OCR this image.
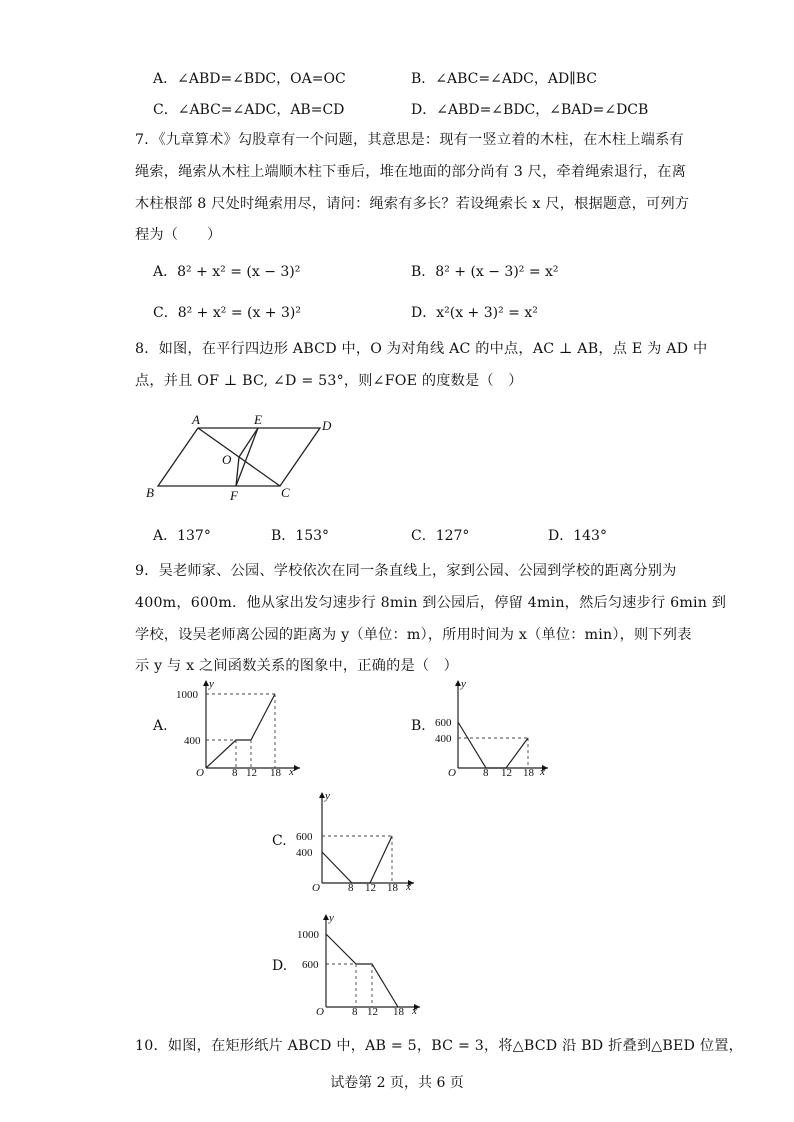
A．∠ABD=∠BDC，OA=OC	B．∠ABC=∠ADC，AD∥BC
C．∠ABC=∠ADC，AB=CD	D．∠ABD=∠BDC，∠BAD=∠DCB
7．《九章算术》勾股章有一个问题，其意思是：现有一竖立着的木柱，在木柱上端系有
绳索，绳索从木柱上端顺木柱下垂后，堆在地面的部分尚有 3 尺，牵着绳索退行，在离
木柱根部 8 尺处时绳索用尽，请问：绳索有多长？若设绳索长 x 尺，根据题意，可列方
程为（　　）
A．8² + x² = (x − 3)²	B．8² + (x − 3)² = x²
C．8² + x² = (x + 3)²	D．x²(x + 3)² = x²
8．如图，在平行四边形 ABCD 中，O 为对角线 AC 的中点，AC ⊥ AB，点 E 为 AD 中
点，并且 OF ⊥ BC, ∠D = 53°，则∠FOE 的度数是（　）
A	E	D
O
B	F	C
A．137°	B．153°	C．127°	D．143°
9．吴老师家、公园、学校依次在同一条直线上，家到公园、公园到学校的距离分别为
400m，600m．他从家出发匀速步行 8min 到公园后，停留 4min，然后匀速步行 6min 到
学校，设吴老师离公园的距离为 y（单位：m），所用时间为 x（单位：min），则下列表
示 y 与 x 之间函数关系的图象中，正确的是（　）
A.
y
x
O
1000
400
8 12 18
B.
y
x
O
600
400
8 12 18
C.
y
x
O
600
400
8 12 18
D.
y
x
O
1000
600
8 12 18
10．如图，在矩形纸片 ABCD 中，AB = 5，BC = 3，将△BCD 沿 BD 折叠到△BED 位置，
试卷第 2 页，共 6 页
